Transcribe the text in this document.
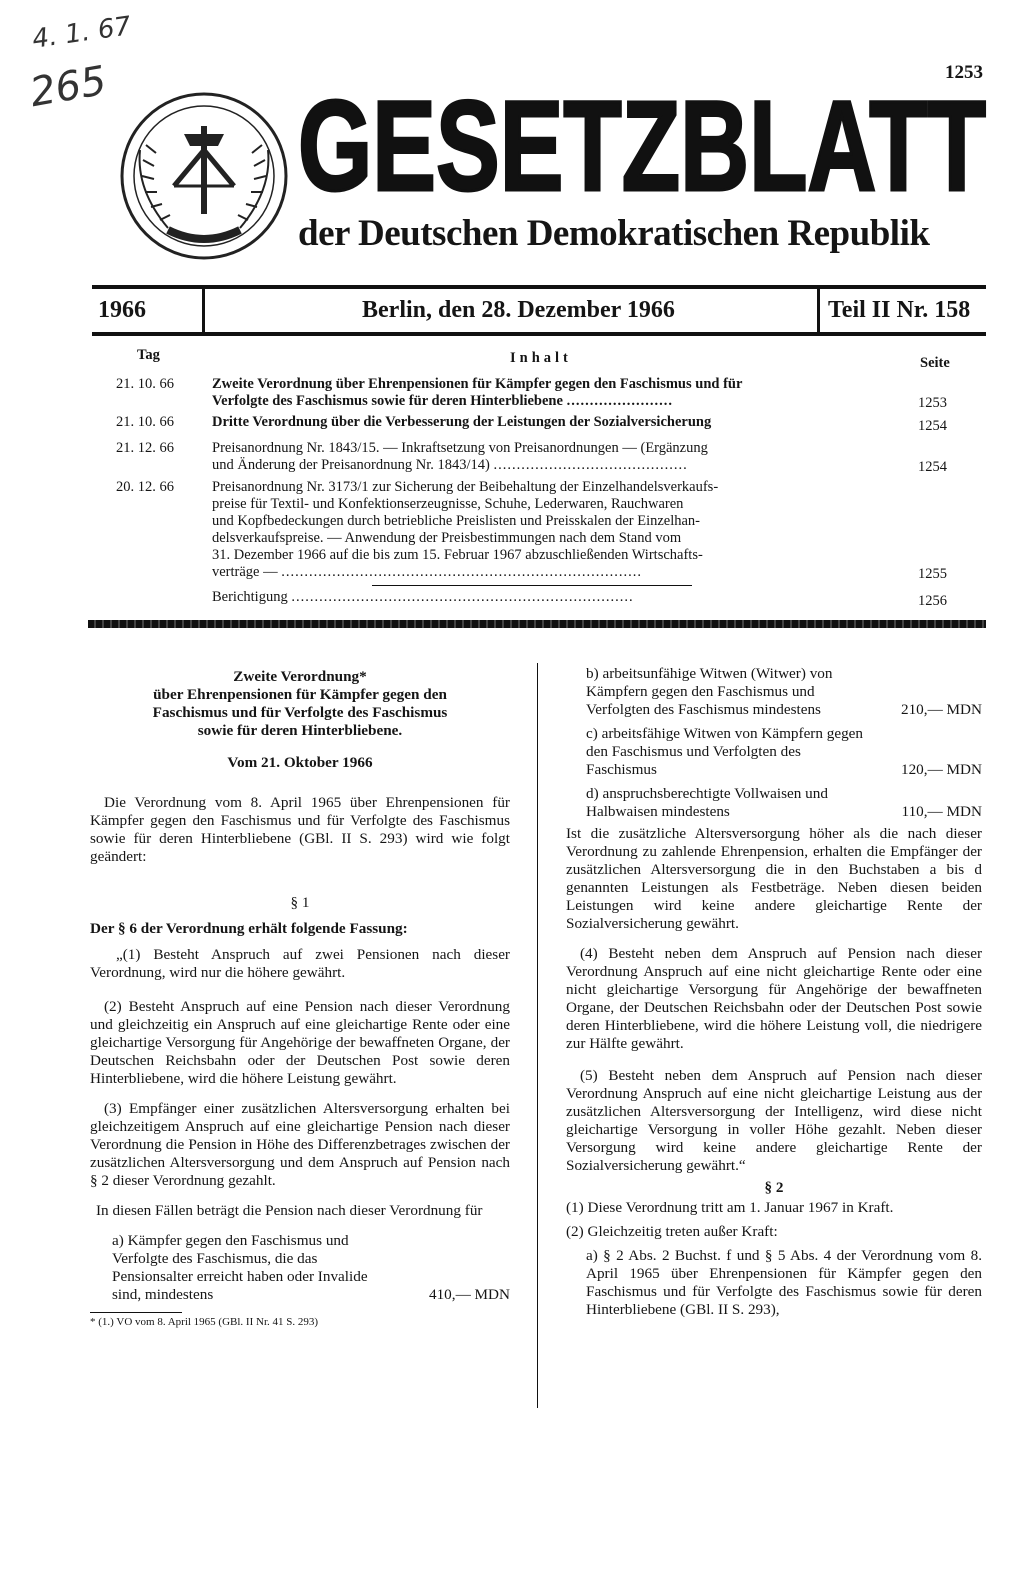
4. 1. 67
265	1253
GESETZBLATT
der Deutschen Demokratischen Republik
1966	Berlin, den 28. Dezember 1966	Teil II Nr. 158
Tag	Inhalt	Seite
21. 10. 66	Zweite Verordnung über Ehrenpensionen für Kämpfer gegen den Faschismus und für
Verfolgte des Faschismus sowie für deren Hinterbliebene .......................	1253
21. 10. 66	Dritte Verordnung über die Verbesserung der Leistungen der Sozialversicherung	1254
21. 12. 66	Preisanordnung Nr. 1843/15. — Inkraftsetzung von Preisanordnungen — (Ergänzung
und Änderung der Preisanordnung Nr. 1843/14) ..........................................	1254
20. 12. 66	Preisanordnung Nr. 3173/1 zur Sicherung der Beibehaltung der Einzelhandelsverkaufs-
preise für Textil- und Konfektionserzeugnisse, Schuhe, Lederwaren, Rauchwaren
und Kopfbedeckungen durch betriebliche Preislisten und Preisskalen der Einzelhan-
delsverkaufspreise. — Anwendung der Preisbestimmungen nach dem Stand vom
31. Dezember 1966 auf die bis zum 15. Februar 1967 abzuschließenden Wirtschafts-
verträge — ..............................................................................	1255
Berichtigung ..........................................................................	1256

Zweite Verordnung*

über Ehrenpensionen für Kämpfer gegen den

Faschismus und für Verfolgte des Faschismus

sowie für deren Hinterbliebene.

Vom 21. Oktober 1966

Die Verordnung vom 8. April 1965 über Ehrenpensionen für Kämpfer gegen den Faschismus und für Verfolgte des Faschismus sowie für deren Hinterbliebene (GBl. II S. 293) wird wie folgt geändert:

§ 1

Der § 6 der Verordnung erhält folgende Fassung:

„(1) Besteht Anspruch auf zwei Pensionen nach dieser Verordnung, wird nur die höhere gewährt.

(2) Besteht Anspruch auf eine Pension nach dieser Verordnung und gleichzeitig ein Anspruch auf eine gleichartige Rente oder eine gleichartige Versorgung für Angehörige der bewaffneten Organe, der Deutschen Reichsbahn oder der Deutschen Post sowie deren Hinterbliebene, wird die höhere Leistung gewährt.

(3) Empfänger einer zusätzlichen Altersversorgung erhalten bei gleichzeitigem Anspruch auf eine gleichartige Pension nach dieser Verordnung die Pension in Höhe des Differenzbetrages zwischen der zusätzlichen Altersversorgung und dem Anspruch auf Pension nach § 2 dieser Verordnung gezahlt.

In diesen Fällen beträgt die Pension nach dieser Verordnung für

a) Kämpfer gegen den Faschismus und Verfolgte des Faschismus, die das Pensionsalter erreicht haben oder Invalide sind, mindestens	410,— MDN

* (1.) VO vom 8. April 1965 (GBl. II Nr. 41 S. 293)

b) arbeitsunfähige Witwen (Witwer) von Kämpfern gegen den Faschismus und Verfolgten des Faschismus mindestens	210,— MDN
c) arbeitsfähige Witwen von Kämpfern gegen den Faschismus und Verfolgten des Faschismus	120,— MDN
d) anspruchsberechtigte Vollwaisen und Halbwaisen mindestens	110,— MDN

Ist die zusätzliche Altersversorgung höher als die nach dieser Verordnung zu zahlende Ehrenpension, erhalten die Empfänger der zusätzlichen Altersversorgung die in den Buchstaben a bis d genannten Leistungen als Festbeträge. Neben diesen beiden Leistungen wird keine andere gleichartige Rente der Sozialversicherung gewährt.

(4) Besteht neben dem Anspruch auf Pension nach dieser Verordnung Anspruch auf eine nicht gleichartige Rente oder eine nicht gleichartige Versorgung für Angehörige der bewaffneten Organe, der Deutschen Reichsbahn oder der Deutschen Post sowie deren Hinterbliebene, wird die höhere Leistung voll, die niedrigere zur Hälfte gewährt.

(5) Besteht neben dem Anspruch auf Pension nach dieser Verordnung Anspruch auf eine nicht gleichartige Leistung aus der zusätzlichen Altersversorgung der Intelligenz, wird diese nicht gleichartige Versorgung in voller Höhe gezahlt. Neben dieser Versorgung wird keine andere gleichartige Rente der Sozialversicherung gewährt.“

§ 2

(1) Diese Verordnung tritt am 1. Januar 1967 in Kraft.

(2) Gleichzeitig treten außer Kraft:

a) § 2 Abs. 2 Buchst. f und § 5 Abs. 4 der Verordnung vom 8. April 1965 über Ehrenpensionen für Kämpfer gegen den Faschismus und für Verfolgte des Faschismus sowie für deren Hinterbliebene (GBl. II S. 293),
